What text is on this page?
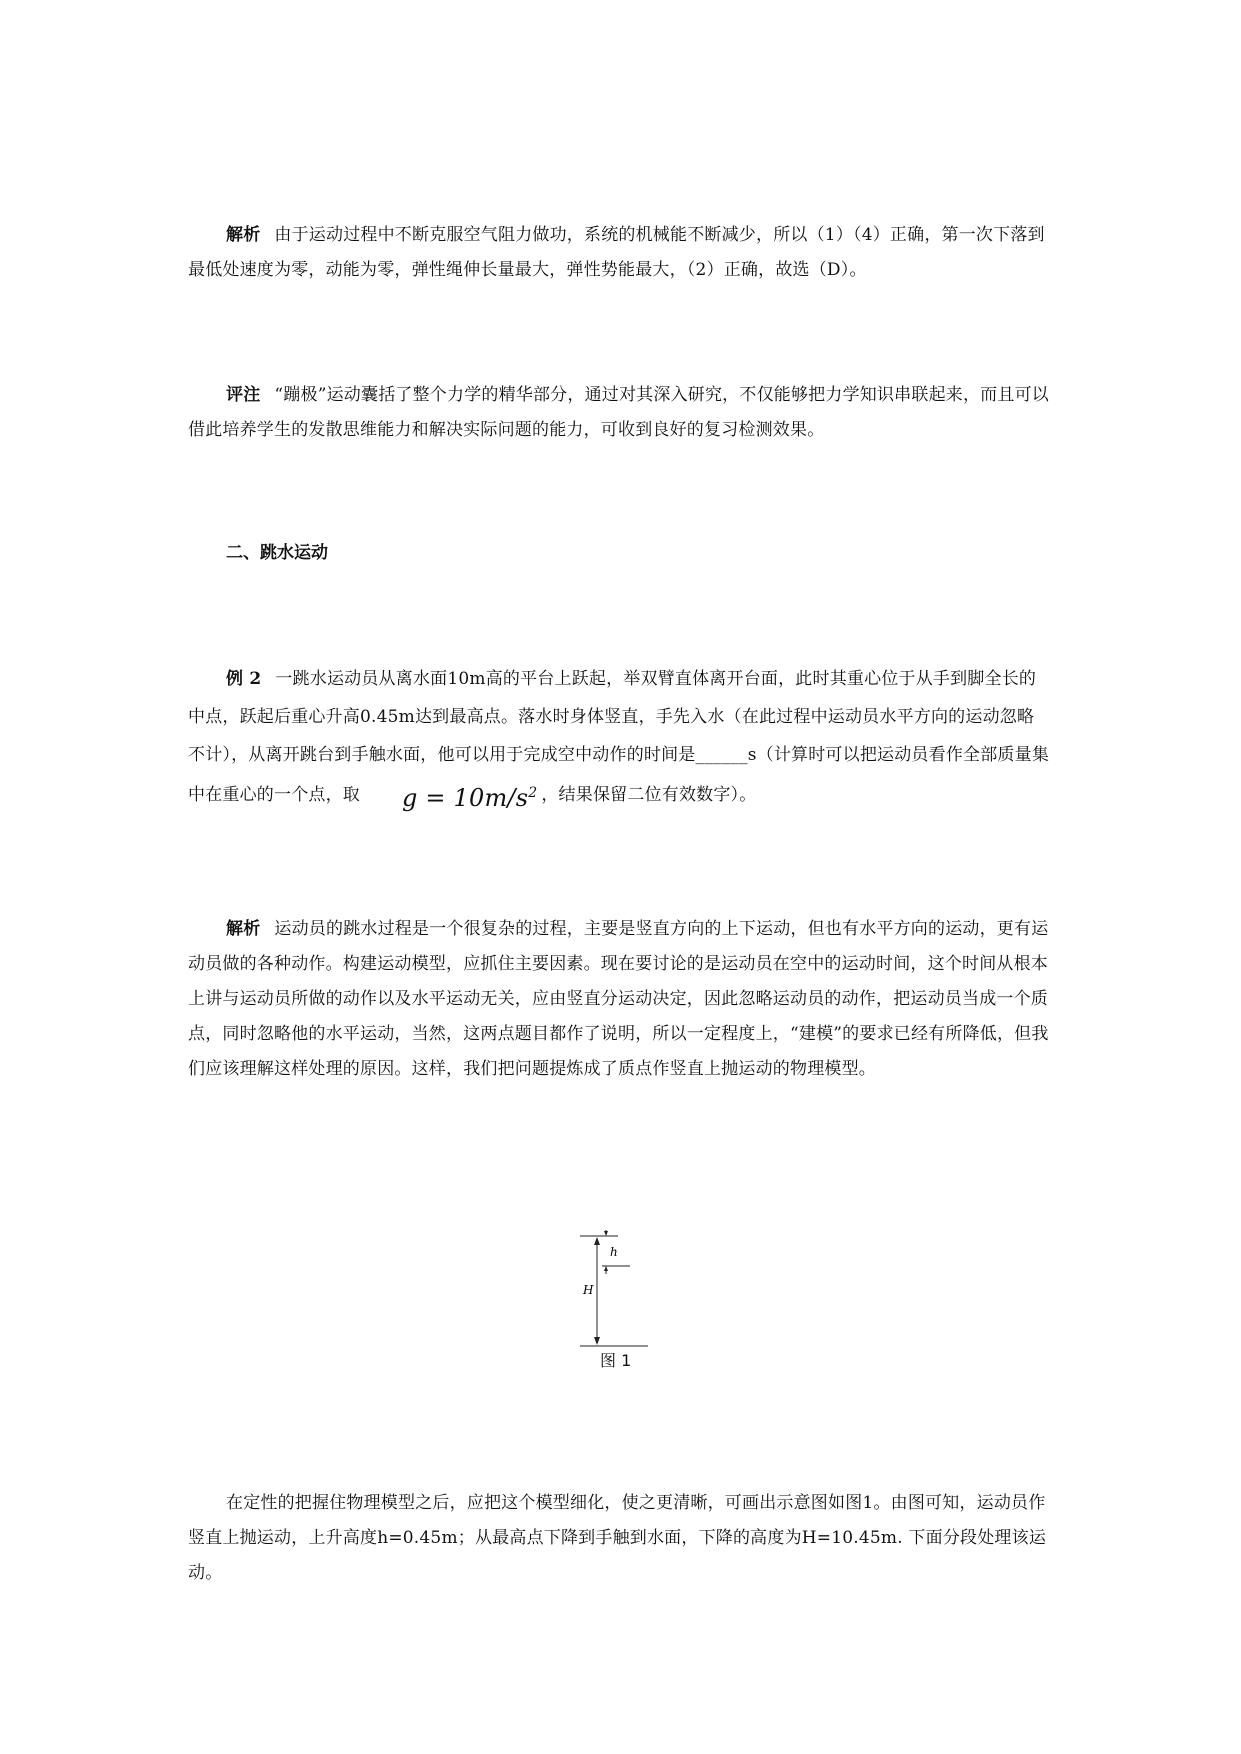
解析 由于运动过程中不断克服空气阻力做功，系统的机械能不断减少，所以（1）（4）正确，第一次下落到最低处速度为零，动能为零，弹性绳伸长量最大，弹性势能最大，（2）正确，故选（D）。
评注 “蹦极”运动囊括了整个力学的精华部分，通过对其深入研究，不仅能够把力学知识串联起来，而且可以借此培养学生的发散思维能力和解决实际问题的能力，可收到良好的复习检测效果。
二、跳水运动
例 2 一跳水运动员从离水面10m高的平台上跃起，举双臂直体离开台面，此时其重心位于从手到脚全长的中点，跃起后重心升高0.45m达到最高点。落水时身体竖直，手先入水（在此过程中运动员水平方向的运动忽略不计），从离开跳台到手触水面，他可以用于完成空中动作的时间是______s（计算时可以把运动员看作全部质量集中在重心的一个点，取 $g = 10m/s^2$ ，结果保留二位有效数字）。
解析 运动员的跳水过程是一个很复杂的过程，主要是竖直方向的上下运动，但也有水平方向的运动，更有运动员做的各种动作。构建运动模型，应抓住主要因素。现在要讨论的是运动员在空中的运动时间，这个时间从根本上讲与运动员所做的动作以及水平运动无关，应由竖直分运动决定，因此忽略运动员的动作，把运动员当成一个质点，同时忽略他的水平运动，当然，这两点题目都作了说明，所以一定程度上，“建模”的要求已经有所降低，但我们应该理解这样处理的原因。这样，我们把问题提炼成了质点作竖直上抛运动的物理模型。
h
H
图 1
在定性的把握住物理模型之后，应把这个模型细化，使之更清晰，可画出示意图如图1。由图可知，运动员作竖直上抛运动，上升高度h=0.45m；从最高点下降到手触到水面，下降的高度为H=10.45m. 下面分段处理该运动。
